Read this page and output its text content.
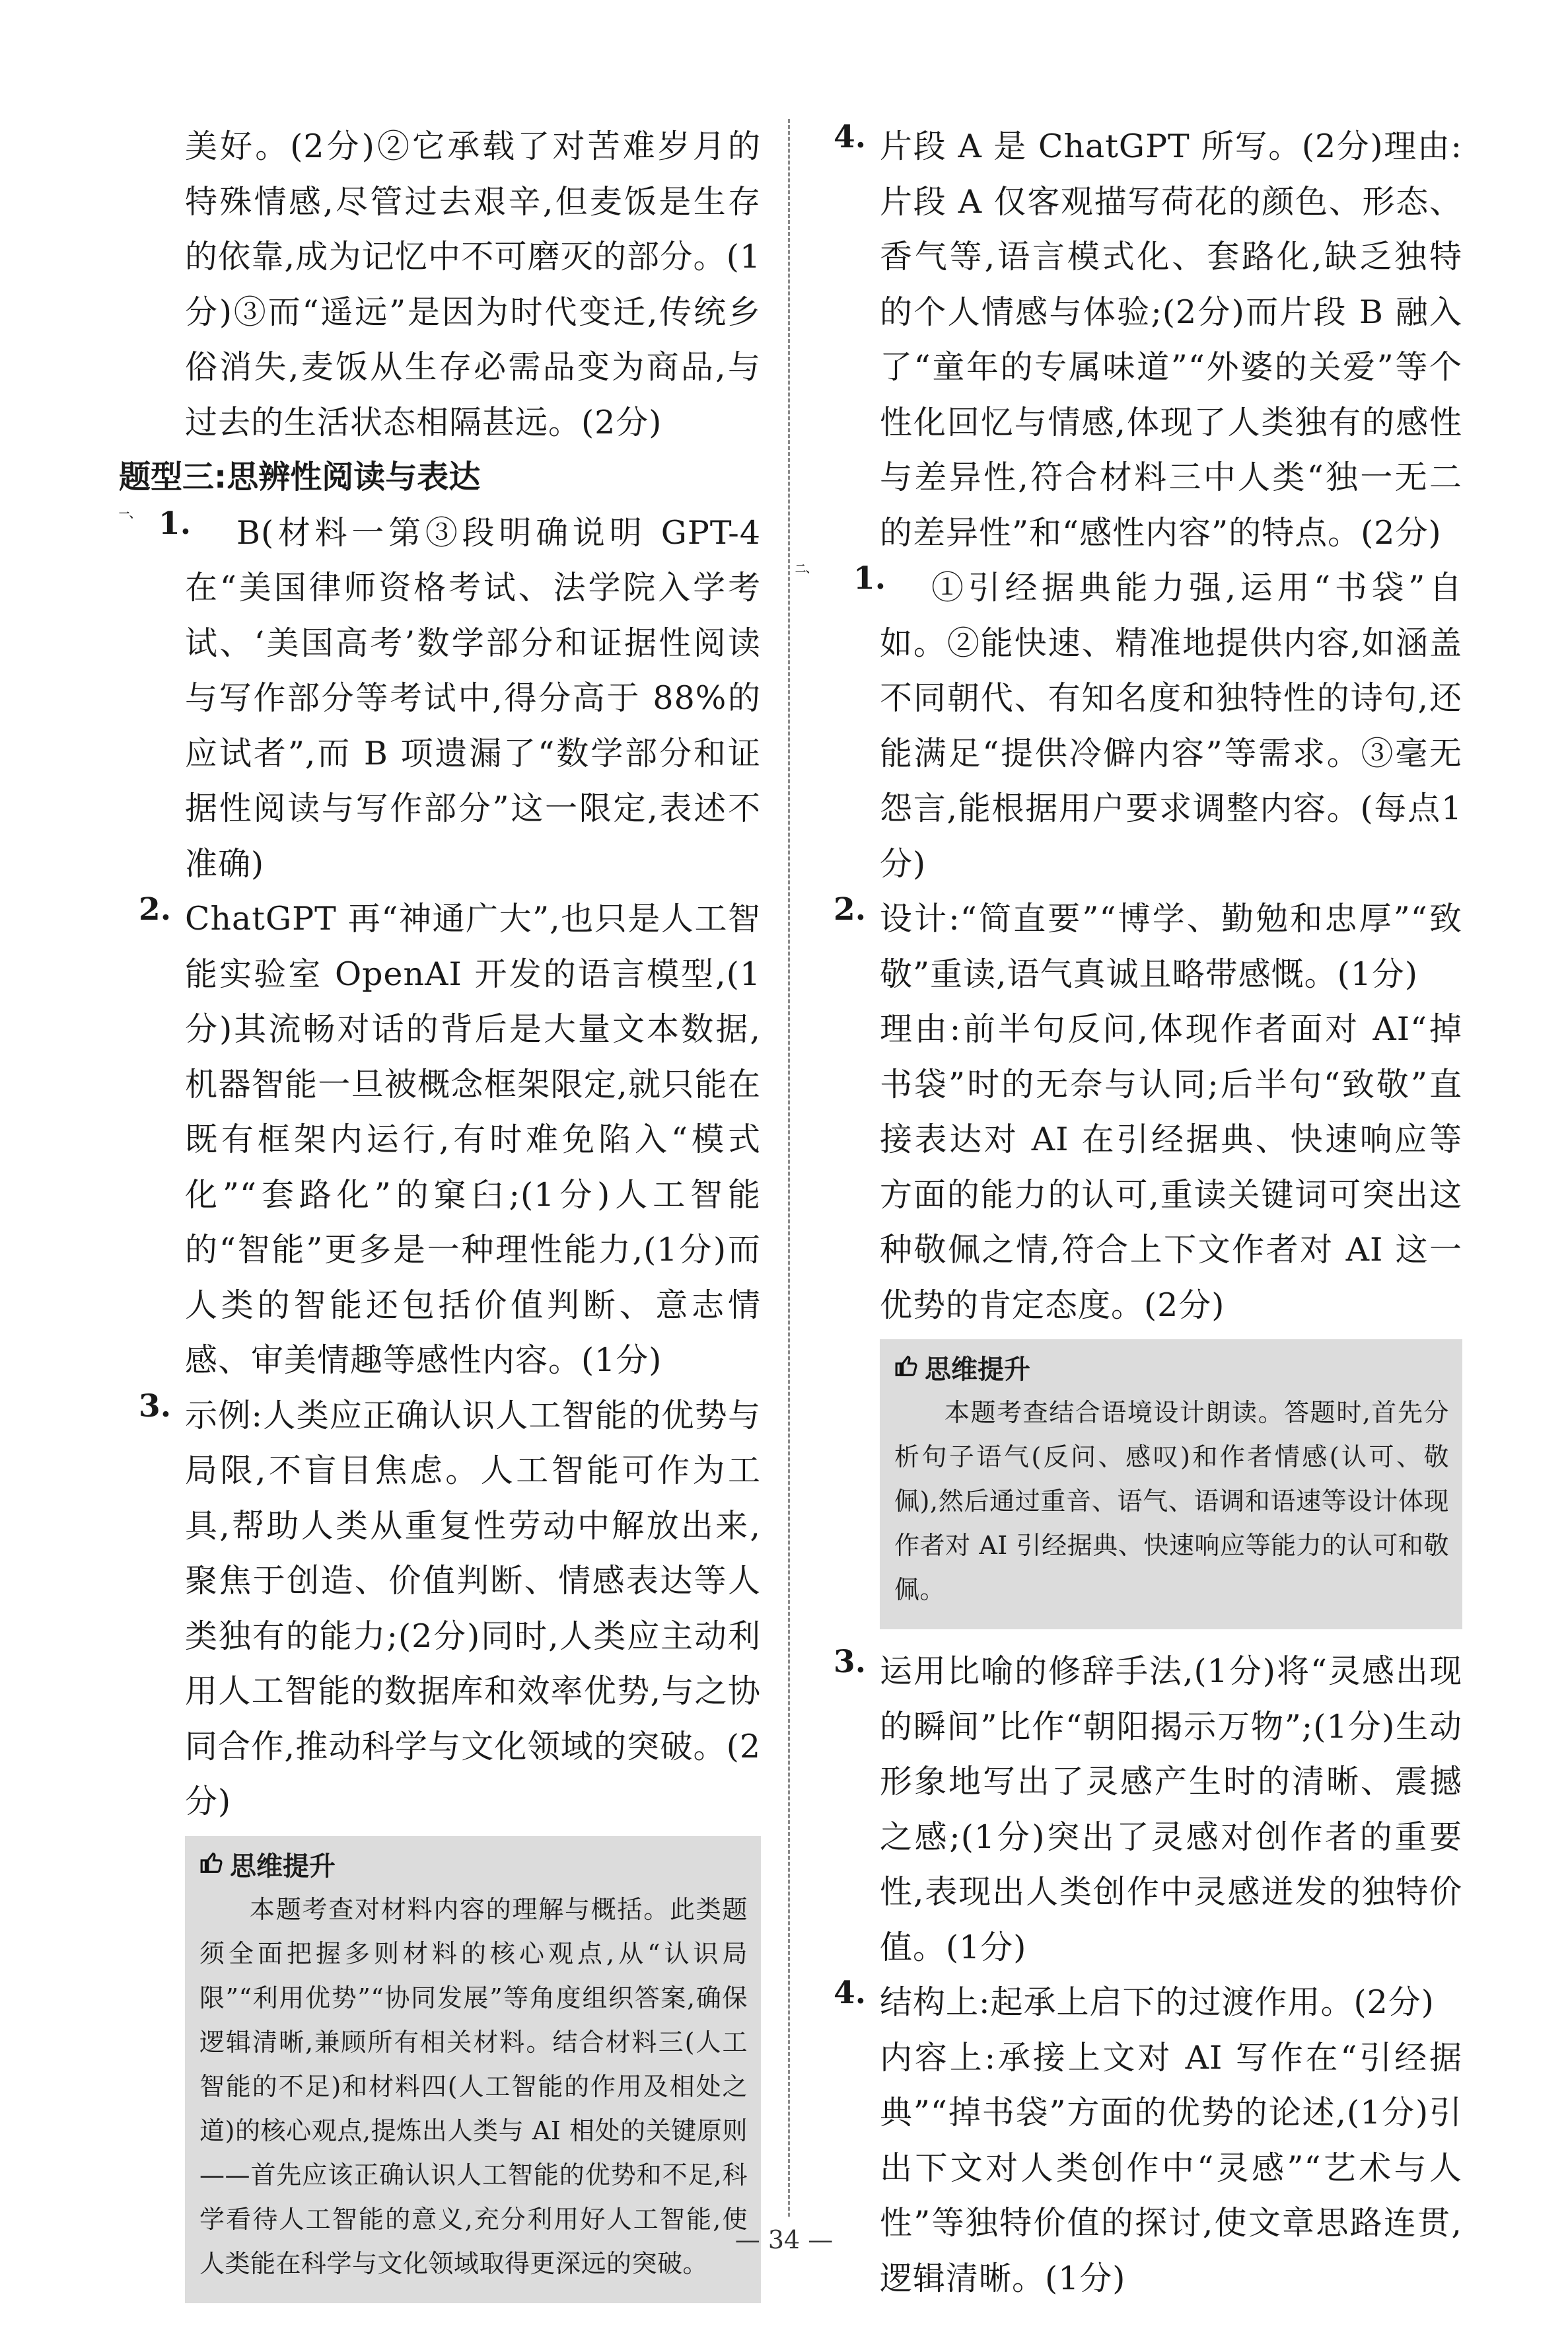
美好。(2分)②它承载了对苦难岁月的特殊情感,尽管过去艰辛,但麦饭是生存的依靠,成为记忆中不可磨灭的部分。(1分)③而“遥远”是因为时代变迁,传统乡俗消失,麦饭从生存必需品变为商品,与过去的生活状态相隔甚远。(2分)

题型三:思辨性阅读与表达

一、 1.	B(材料一第③段明确说明 GPT-4 在“美国律师资格考试、法学院入学考试、‘美国高考’数学部分和证据性阅读与写作部分等考试中,得分高于 88%的应试者”,而 B 项遗漏了“数学部分和证据性阅读与写作部分”这一限定,表述不准确)

2. ChatGPT 再“神通广大”,也只是人工智能实验室 OpenAI 开发的语言模型,(1分)其流畅对话的背后是大量文本数据,机器智能一旦被概念框架限定,就只能在既有框架内运行,有时难免陷入“模式化”“套路化”的窠臼;(1分)人工智能的“智能”更多是一种理性能力,(1分)而人类的智能还包括价值判断、意志情感、审美情趣等感性内容。(1分)

3. 示例:人类应正确认识人工智能的优势与局限,不盲目焦虑。人工智能可作为工具,帮助人类从重复性劳动中解放出来,聚焦于创造、价值判断、情感表达等人类独有的能力;(2分)同时,人类应主动利用人工智能的数据库和效率优势,与之协同合作,推动科学与文化领域的突破。(2分)

思维提升

本题考查对材料内容的理解与概括。此类题须全面把握多则材料的核心观点,从“认识局限”“利用优势”“协同发展”等角度组织答案,确保逻辑清晰,兼顾所有相关材料。结合材料三(人工智能的不足)和材料四(人工智能的作用及相处之道)的核心观点,提炼出人类与 AI 相处的关键原则——首先应该正确认识人工智能的优势和不足,科学看待人工智能的意义,充分利用好人工智能,使人类能在科学与文化领域取得更深远的突破。

4. 片段 A 是 ChatGPT 所写。(2分)理由:片段 A 仅客观描写荷花的颜色、形态、香气等,语言模式化、套路化,缺乏独特的个人情感与体验;(2分)而片段 B 融入了“童年的专属味道”“外婆的关爱”等个性化回忆与情感,体现了人类独有的感性与差异性,符合材料三中人类“独一无二的差异性”和“感性内容”的特点。(2分)

二、 1.	①引经据典能力强,运用“书袋”自如。②能快速、精准地提供内容,如涵盖不同朝代、有知名度和独特性的诗句,还能满足“提供冷僻内容”等需求。③毫无怨言,能根据用户要求调整内容。(每点1分)

2. 设计:“简直要”“博学、勤勉和忠厚”“致敬”重读,语气真诚且略带感慨。(1分)

理由:前半句反问,体现作者面对 AI“掉书袋”时的无奈与认同;后半句“致敬”直接表达对 AI 在引经据典、快速响应等方面的能力的认可,重读关键词可突出这种敬佩之情,符合上下文作者对 AI 这一优势的肯定态度。(2分)

思维提升

本题考查结合语境设计朗读。答题时,首先分析句子语气(反问、感叹)和作者情感(认可、敬佩),然后通过重音、语气、语调和语速等设计体现作者对 AI 引经据典、快速响应等能力的认可和敬佩。

3. 运用比喻的修辞手法,(1分)将“灵感出现的瞬间”比作“朝阳揭示万物”;(1分)生动形象地写出了灵感产生时的清晰、震撼之感;(1分)突出了灵感对创作者的重要性,表现出人类创作中灵感迸发的独特价值。(1分)

4. 结构上:起承上启下的过渡作用。(2分)

内容上:承接上文对 AI 写作在“引经据典”“掉书袋”方面的优势的论述,(1分)引出下文对人类创作中“灵感”“艺术与人性”等独特价值的探讨,使文章思路连贯,逻辑清晰。(1分)

— 34 —
